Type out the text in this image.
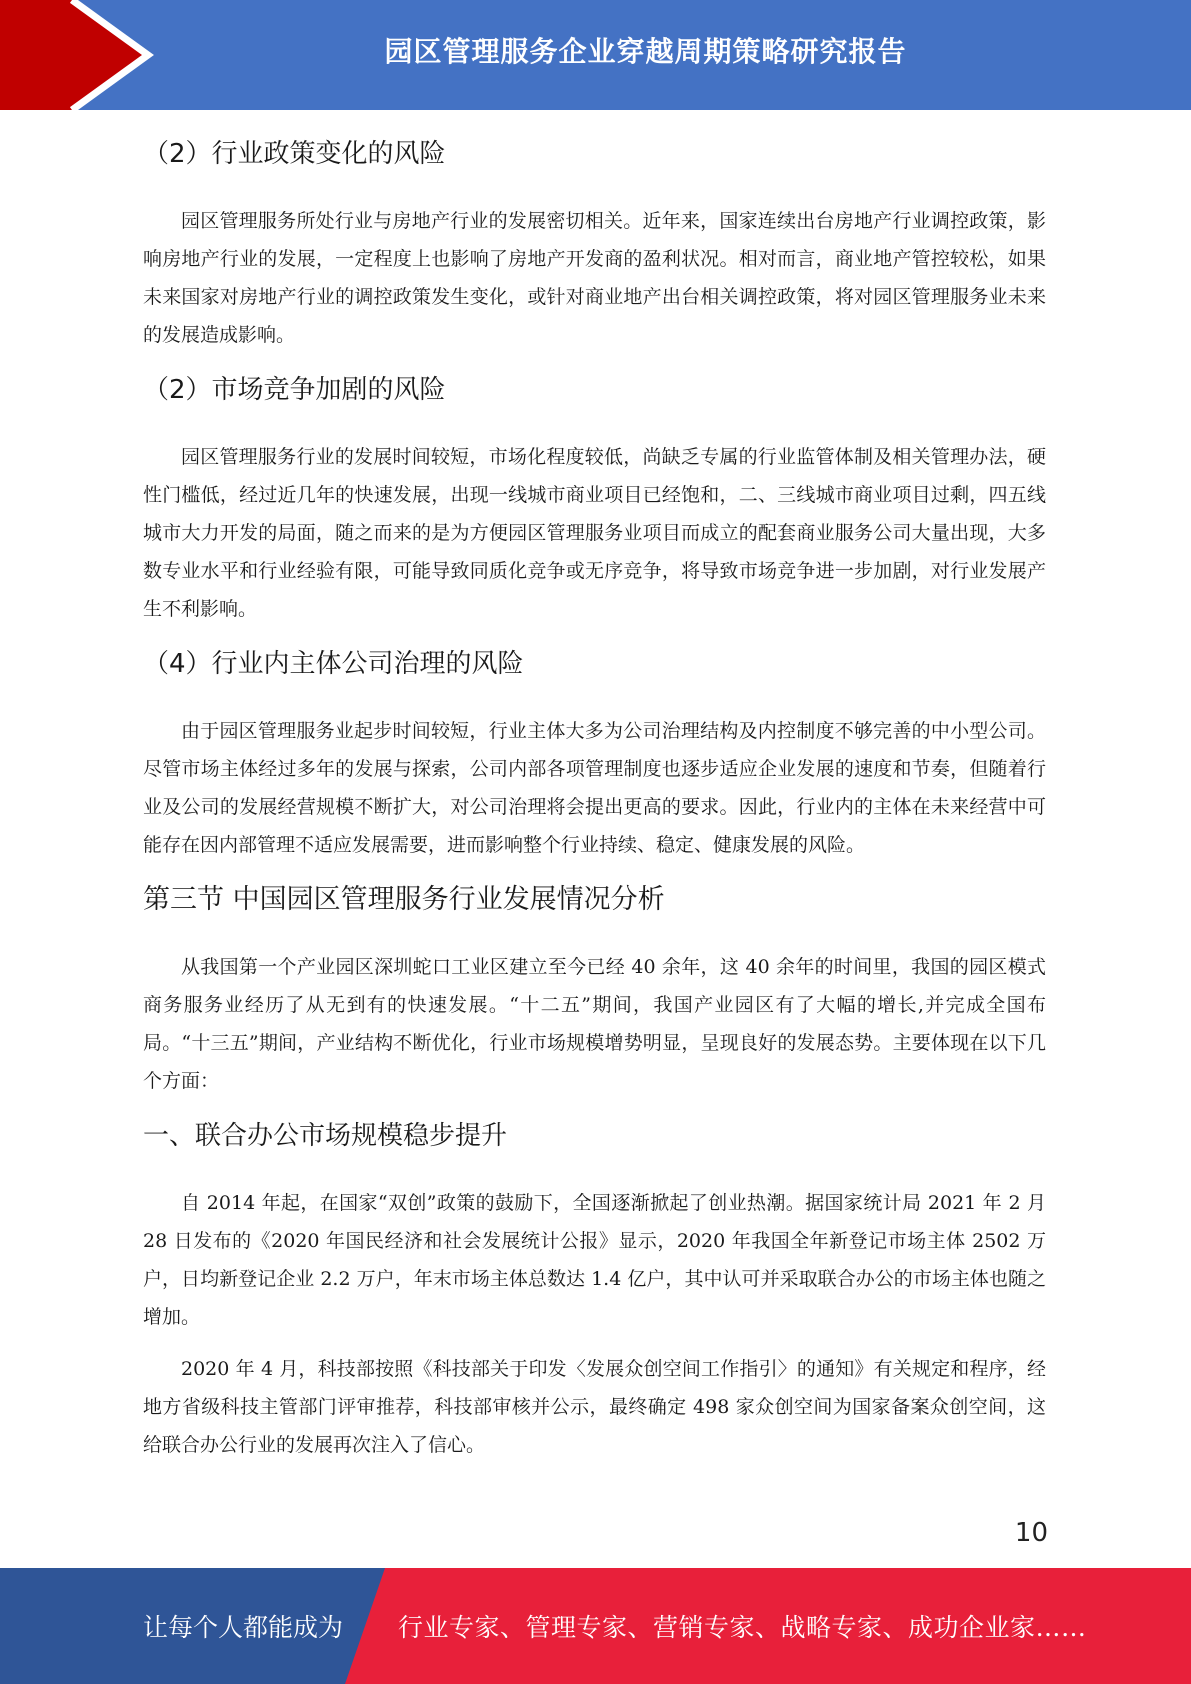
园区管理服务企业穿越周期策略研究报告
（2）行业政策变化的风险

园区管理服务所处行业与房地产行业的发展密切相关。近年来，国家连续出台房地产行业调控政策，影响房地产行业的发展，一定程度上也影响了房地产开发商的盈利状况。相对而言，商业地产管控较松，如果未来国家对房地产行业的调控政策发生变化，或针对商业地产出台相关调控政策，将对园区管理服务业未来的发展造成影响。

（2）市场竞争加剧的风险

园区管理服务行业的发展时间较短，市场化程度较低，尚缺乏专属的行业监管体制及相关管理办法，硬性门槛低，经过近几年的快速发展，出现一线城市商业项目已经饱和，二、三线城市商业项目过剩，四五线城市大力开发的局面，随之而来的是为方便园区管理服务业项目而成立的配套商业服务公司大量出现，大多数专业水平和行业经验有限，可能导致同质化竞争或无序竞争，将导致市场竞争进一步加剧，对行业发展产生不利影响。

（4）行业内主体公司治理的风险

由于园区管理服务业起步时间较短，行业主体大多为公司治理结构及内控制度不够完善的中小型公司。尽管市场主体经过多年的发展与探索，公司内部各项管理制度也逐步适应企业发展的速度和节奏，但随着行业及公司的发展经营规模不断扩大，对公司治理将会提出更高的要求。因此，行业内的主体在未来经营中可能存在因内部管理不适应发展需要，进而影响整个行业持续、稳定、健康发展的风险。

第三节 中国园区管理服务行业发展情况分析

从我国第一个产业园区深圳蛇口工业区建立至今已经 40 余年，这 40 余年的时间里，我国的园区模式商务服务业经历了从无到有的快速发展。“十二五”期间，我国产业园区有了大幅的增长,并完成全国布局。“十三五”期间，产业结构不断优化，行业市场规模增势明显，呈现良好的发展态势。主要体现在以下几个方面：

一、联合办公市场规模稳步提升

自 2014 年起，在国家“双创”政策的鼓励下，全国逐渐掀起了创业热潮。据国家统计局 2021 年 2 月 28 日发布的《2020 年国民经济和社会发展统计公报》显示，2020 年我国全年新登记市场主体 2502 万户，日均新登记企业 2.2 万户，年末市场主体总数达 1.4 亿户，其中认可并采取联合办公的市场主体也随之增加。

2020 年 4 月，科技部按照《科技部关于印发〈发展众创空间工作指引〉的通知》有关规定和程序，经地方省级科技主管部门评审推荐，科技部审核并公示，最终确定 498 家众创空间为国家备案众创空间，这给联合办公行业的发展再次注入了信心。

10
让每个人都能成为 行业专家、管理专家、营销专家、战略专家、成功企业家……
